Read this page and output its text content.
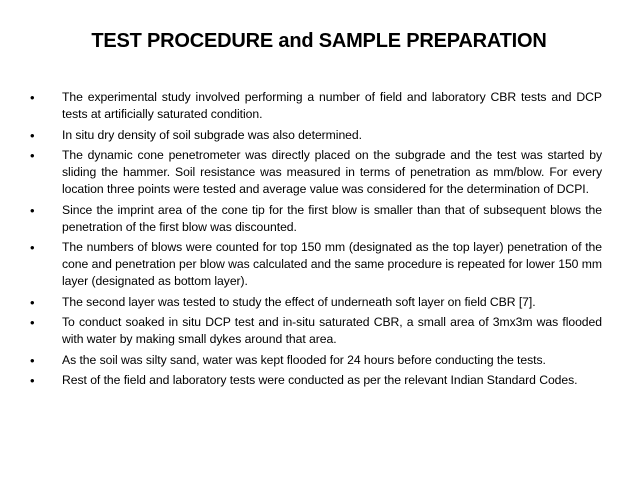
TEST PROCEDURE and SAMPLE PREPARATION
•	The experimental study involved performing a number of field and laboratory CBR tests and DCP tests at artificially saturated condition.
•	In situ dry density of soil subgrade was also determined.
•	The dynamic cone penetrometer was directly placed on the subgrade and the test was started by sliding the hammer. Soil resistance was measured in terms of penetration as mm/blow. For every location three points were tested and average value was considered for the determination of DCPI.
•	Since the imprint area of the cone tip for the first blow is smaller than that of subsequent blows the penetration of the first blow was discounted.
•	The numbers of blows were counted for top 150 mm (designated as the top layer) penetration of the cone and penetration per blow was calculated and the same procedure is repeated for lower 150 mm layer (designated as bottom layer).
•	The second layer was tested to study the effect of underneath soft layer on field CBR [7].
•	To conduct soaked in situ DCP test and in-situ saturated CBR, a small area of 3mx3m was flooded with water by making small dykes around that area.
•	As the soil was silty sand, water was kept flooded for 24 hours before conducting the tests.
•	Rest of the field and laboratory tests were conducted as per the relevant Indian Standard Codes.
